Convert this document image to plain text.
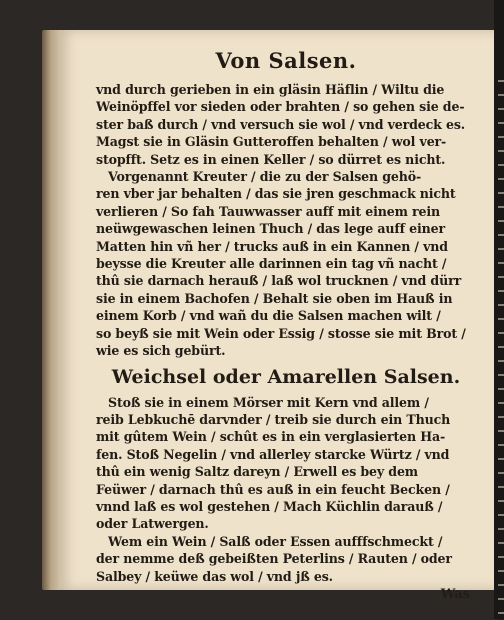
Von Salsen.
vnd durch gerieben in ein gläsin Häflin / Wiltu die
Weinöpffel vor sieden oder brahten / so gehen sie de-
ster baß durch / vnd versuch sie wol / vnd verdeck es.
Magst sie in Gläsin Gutteroffen behalten / wol ver-
stopfft. Setz es in einen Keller / so dürret es nicht.
Vorgenannt Kreuter / die zu der Salsen gehö-
ren vber jar behalten / das sie jren geschmack nicht
verlieren / So fah Tauwwasser auff mit einem rein
neüwgewaschen leinen Thuch / das lege auff einer
Matten hin vñ her / trucks auß in ein Kannen / vnd
beysse die Kreuter alle darinnen ein tag vñ nacht /
thû sie darnach herauß / laß wol trucknen / vnd dürr
sie in einem Bachofen / Behalt sie oben im Hauß in
einem Korb / vnd wañ du die Salsen machen wilt /
so beyß sie mit Wein oder Essig / stosse sie mit Brot /
wie es sich gebürt.
Weichsel oder Amarellen Salsen.
Stoß sie in einem Mörser mit Kern vnd allem /
reib Lebkuchē darvnder / treib sie durch ein Thuch
mit gûtem Wein / schût es in ein verglasierten Ha-
fen. Stoß Negelin / vnd allerley starcke Würtz / vnd
thû ein wenig Saltz dareyn / Erwell es bey dem
Feüwer / darnach thû es auß in ein feucht Becken /
vnnd laß es wol gestehen / Mach Küchlin darauß /
oder Latwergen.
Wem ein Wein / Salß oder Essen aufffschmeckt /
der nemme deß gebeißten Peterlins / Rauten / oder
Salbey / keüwe das wol / vnd jß es.
Was
